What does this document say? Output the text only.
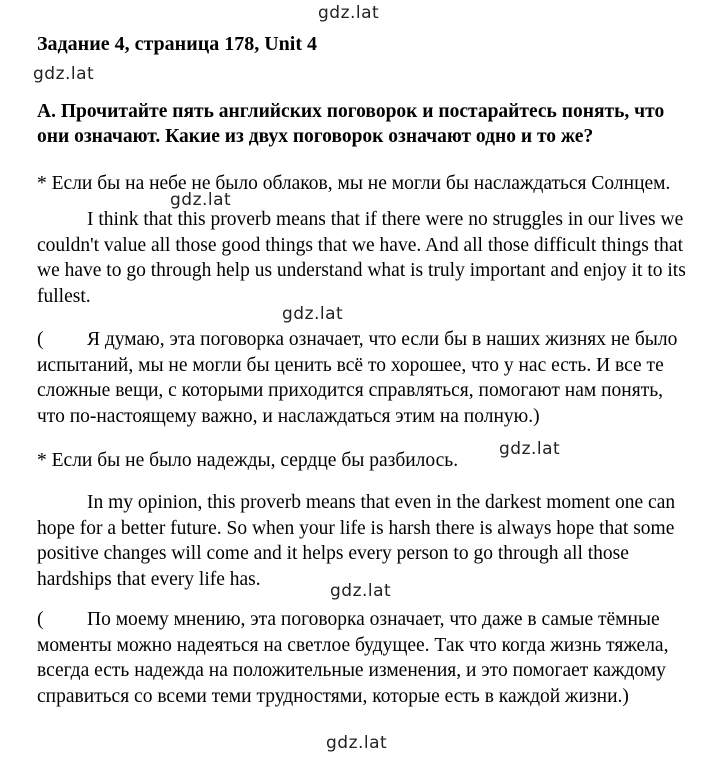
gdz.lat
gdz.lat
gdz.lat
gdz.lat
gdz.lat
gdz.lat
gdz.lat
Задание 4, страница 178, Unit 4

A. Прочитайте пять английских поговорок и постарайтесь понять, что они означают. Какие из двух поговорок означают одно и то же?

* Если бы на небе не было облаков, мы не могли бы наслаждаться Солнцем.

I think that this proverb means that if there were no struggles in our lives we couldn't value all those good things that we have. And all those difficult things that we have to go through help us understand what is truly important and enjoy it to its fullest.

( Я думаю, эта поговорка означает, что если бы в наших жизнях не было испытаний, мы не могли бы ценить всё то хорошее, что у нас есть. И все те сложные вещи, с которыми приходится справляться, помогают нам понять, что по-настоящему важно, и наслаждаться этим на полную.)

* Если бы не было надежды, сердце бы разбилось.

In my opinion, this proverb means that even in the darkest moment one can hope for a better future. So when your life is harsh there is always hope that some positive changes will come and it helps every person to go through all those hardships that every life has.

( По моему мнению, эта поговорка означает, что даже в самые тёмные моменты можно надеяться на светлое будущее. Так что когда жизнь тяжела, всегда есть надежда на положительные изменения, и это помогает каждому справиться со всеми теми трудностями, которые есть в каждой жизни.)
